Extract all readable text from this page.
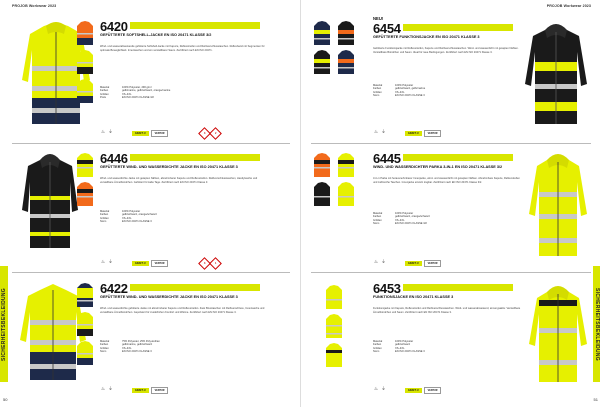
PROJOB Workwear 2023
6420
GEFÜTTERTE SOFTSHELL-JACKE EN ISO 20471 KLASSE 3/2
Wind- und wasserabweisende gefütterte Softshell-Jacke mit Kapuze, Reflexstreifen und Reißverschlusstaschen. Reflexband mit Segmenten für optimale Beweglichkeit. Innentaschen und ein verstellbarer Saum. Zertifiziert nach EN ISO 20471.
Material	100% Polyester, 290 g/m²
Farben	gelb/marine, gelb/schwarz, orange/marine
Größen	XS–4XL
Preis	EN ISO 20471 KLASSE 3/2
♨ ⏚	GRAFT-U	VENTUR	3	2
6446
GEFÜTTERTE WIND- UND WASSERDICHTE JACKE EN ISO 20471 KLASSE 3
Wind- und wasserdichte Jacke mit getapten Nähten, abnehmbarer Kapuze und Reflexstreifen. Reißverschlusstaschen, Handytasche und verstellbare Ärmelbündchen. Gefüttert für kalte Tage. Zertifiziert nach EN ISO 20471 Klasse 3.
Material	100% Polyester
Farben	gelb/schwarz, orange/schwarz
Größen	XS–4XL
Norm	EN ISO 20471 KLASSE 3
♨ ⏚	GRAFT-U	VENTUR	3	1
6422
GEFÜTTERTE WIND- UND WASSERDICHTE JACKE EN ISO 20471 KLASSE 3
Wind- und wasserdichte gefütterte Jacke mit abnehmbarer Kapuze und Reflexstreifen. Zwei Brusttaschen mit Reißverschluss, Innentasche und verstellbare Ärmelbündchen. Gepolstert für zusätzlichen Komfort und Wärme. Zertifiziert nach EN ISO 20471 Klasse 3.
Material	75% Polyester, 25% Polyurethan
Farben	gelb/marine, gelb/schwarz
Größen	XS–4XL
Norm	EN ISO 20471 KLASSE 3
♨ ⏚	GRAFT-U	VENTUR
SICHERHEITSBEKLEIDUNG
50
PROJOB Workwear 2023
NEU!
6454
GEFÜTTERTE FUNKTIONSJACKE EN ISO 20471 KLASSE 3
Gefütterte Funktionsjacke mit Reflexstreifen, Kapuze und Reißverschlusstaschen. Wind- und wasserdicht mit getapten Nähten. Verstellbare Bündchen und Saum. Ideal für raue Bedingungen. Zertifiziert nach EN ISO 20471 Klasse 3.
Material	100% Polyester
Farben	gelb/schwarz, gelb/marine
Größen	XS–4XL
Norm	EN ISO 20471 KLASSE 3
♨ ⏚	GRAFT-U	VENTUR
6445
WIND- UND WASSERDICHTER PARKA 3-IN-1 EN ISO 20471 KLASSE 3/2
3-in-1 Parka mit herausnehmbarer Innenjacke, wind- und wasserdicht mit getapten Nähten. Abnehmbare Kapuze, Reflexstreifen und zahlreiche Taschen. Innenjacke einzeln tragbar. Zertifiziert nach EN ISO 20471 Klasse 3/2.
Material	100% Polyester
Farben	gelb/schwarz, orange/schwarz
Größen	XS–4XL
Norm	EN ISO 20471 KLASSE 3/2
♨ ⏚	GRAFT-U	VENTUR
6453
FUNKTIONSJACKE EN ISO 20471 KLASSE 3
Funktionsjacke mit Kapuze, Reflexstreifen und Reißverschlusstaschen. Wind- und wasserabweisend, atmungsaktiv. Verstellbare Ärmelbündchen und Saum. Zertifiziert nach EN ISO 20471 Klasse 3.
Material	100% Polyester
Farben	gelb/schwarz
Größen	XS–4XL
Norm	EN ISO 20471 KLASSE 3
♨ ⏚	GRAFT-U	VENTUR
SICHERHEITSBEKLEIDUNG
51
